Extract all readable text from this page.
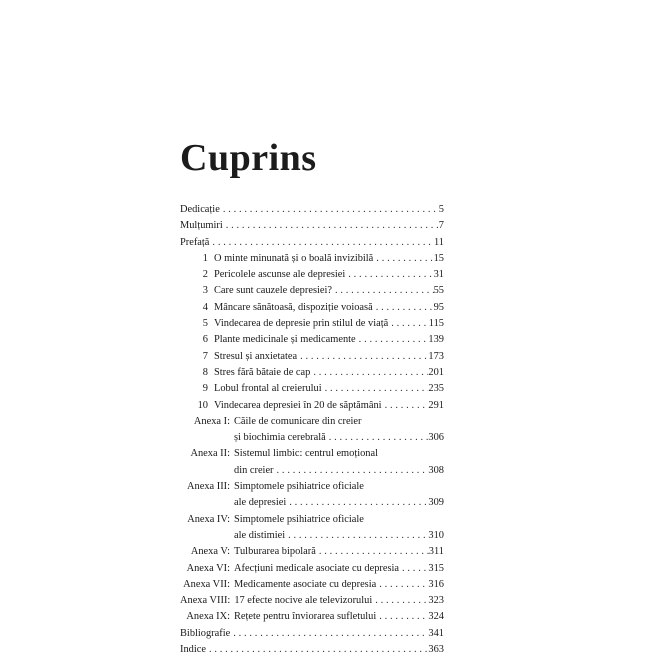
Cuprins
Dedicație . . .	5
Mulțumiri . . .	7
Prefață . . .	11
1 O minte minunată și o boală invizibilă . . .	15
2 Pericolele ascunse ale depresiei . . .	31
3 Care sunt cauzele depresiei? . . .	55
4 Mâncare sănătoasă, dispoziție voioasă . . .	95
5 Vindecarea de depresie prin stilul de viață . . .	115
6 Plante medicinale și medicamente . . .	139
7 Stresul și anxietatea . . .	173
8 Stres fără bătaie de cap . . .	201
9 Lobul frontal al creierului . . .	235
10 Vindecarea depresiei în 20 de săptămâni . . .	291
Anexa I: Căile de comunicare din creier
și biochimia cerebrală . . .	306
Anexa II: Sistemul limbic: centrul emoțional
din creier . . .	308
Anexa III: Simptomele psihiatrice oficiale
ale depresiei . . .	309
Anexa IV: Simptomele psihiatrice oficiale
ale distimiei . . .	310
Anexa V: Tulburarea bipolară . . .	311
Anexa VI: Afecțiuni medicale asociate cu depresia . . .	315
Anexa VII: Medicamente asociate cu depresia . . .	316
Anexa VIII: 17 efecte nocive ale televizorului . . .	323
Anexa IX: Rețete pentru înviorarea sufletului . . .	324
Bibliografie . . .	341
Indice . . .	363
